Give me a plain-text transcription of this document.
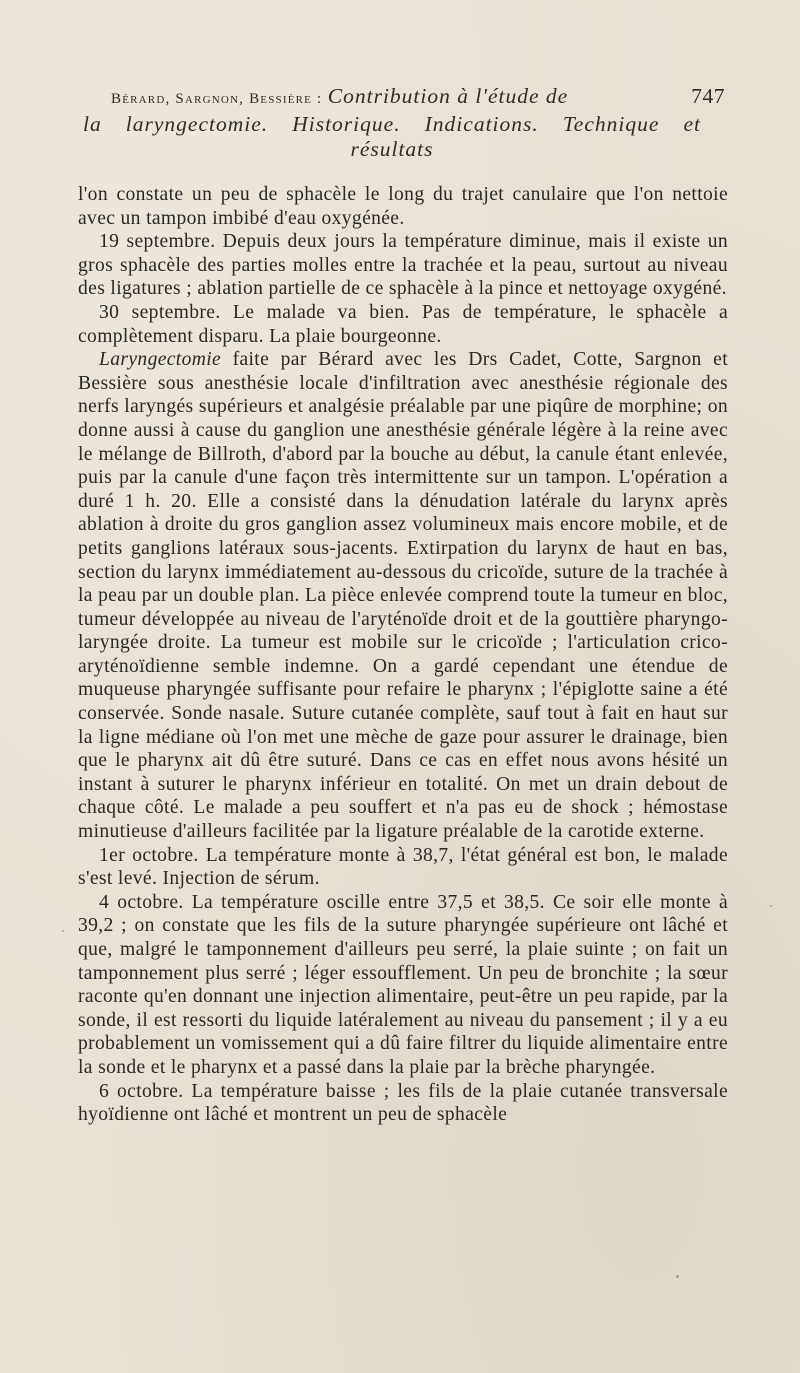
Bérard, Sargnon, Bessière : Contribution à l'étude de	747
la laryngectomie. Historique. Indications. Technique et
résultats

l'on constate un peu de sphacèle le long du trajet canulaire que l'on nettoie avec un tampon imbibé d'eau oxygénée.

19 septembre. Depuis deux jours la température diminue, mais il existe un gros sphacèle des parties molles entre la trachée et la peau, surtout au niveau des ligatures ; ablation partielle de ce sphacèle à la pince et nettoyage oxygéné.

30 septembre. Le malade va bien. Pas de température, le sphacèle a complètement disparu. La plaie bourgeonne.

Laryngectomie faite par Bérard avec les Drs Cadet, Cotte, Sargnon et Bessière sous anesthésie locale d'infiltration avec anesthésie régionale des nerfs laryngés supérieurs et analgésie préalable par une piqûre de morphine; on donne aussi à cause du ganglion une anesthésie générale légère à la reine avec le mélange de Billroth, d'abord par la bouche au début, la canule étant enlevée, puis par la canule d'une façon très intermittente sur un tampon. L'opération a duré 1 h. 20. Elle a consisté dans la dénudation latérale du larynx après ablation à droite du gros ganglion assez volumineux mais encore mobile, et de petits ganglions latéraux sous-jacents. Extirpation du larynx de haut en bas, section du larynx immédiatement au-dessous du cricoïde, suture de la trachée à la peau par un double plan. La pièce enlevée comprend toute la tumeur en bloc, tumeur développée au niveau de l'aryténoïde droit et de la gouttière pharyngo-laryngée droite. La tumeur est mobile sur le cricoïde ; l'articulation crico-aryténoïdienne semble indemne. On a gardé cependant une étendue de muqueuse pharyngée suffisante pour refaire le pharynx ; l'épiglotte saine a été conservée. Sonde nasale. Suture cutanée complète, sauf tout à fait en haut sur la ligne médiane où l'on met une mèche de gaze pour assurer le drainage, bien que le pharynx ait dû être suturé. Dans ce cas en effet nous avons hésité un instant à suturer le pharynx inférieur en totalité. On met un drain debout de chaque côté. Le malade a peu souffert et n'a pas eu de shock ; hémostase minutieuse d'ailleurs facilitée par la ligature préalable de la carotide externe.

1er octobre. La température monte à 38,7, l'état général est bon, le malade s'est levé. Injection de sérum.

4 octobre. La température oscille entre 37,5 et 38,5. Ce soir elle monte à 39,2 ; on constate que les fils de la suture pharyngée supérieure ont lâché et que, malgré le tamponnement d'ailleurs peu serré, la plaie suinte ; on fait un tamponnement plus serré ; léger essoufflement. Un peu de bronchite ; la sœur raconte qu'en donnant une injection alimentaire, peut-être un peu rapide, par la sonde, il est ressorti du liquide latéralement au niveau du pansement ; il y a eu probablement un vomissement qui a dû faire filtrer du liquide alimentaire entre la sonde et le pharynx et a passé dans la plaie par la brèche pharyngée.

6 octobre. La température baisse ; les fils de la plaie cutanée transversale hyoïdienne ont lâché et montrent un peu de sphacèle
